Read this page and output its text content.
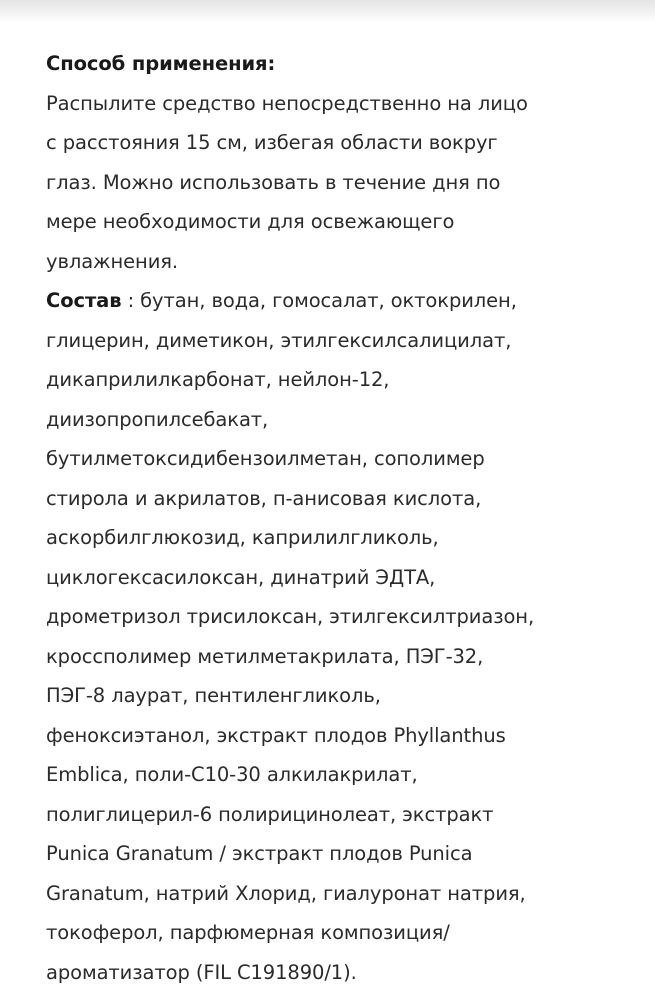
Способ применения:
Распылите средство непосредственно на лицо
с расстояния 15 см, избегая области вокруг
глаз. Можно использовать в течение дня по
мере необходимости для освежающего
увлажнения.
Состав : бутан, вода, гомосалат, октокрилен,
глицерин, диметикон, этилгексилсалицилат,
дикаприлилкарбонат, нейлон-12,
диизопропилсебакат,
бутилметоксидибензоилметан, сополимер
стирола и акрилатов, п-анисовая кислота,
аскорбилглюкозид, каприлилгликоль,
циклогексасилоксан, динатрий ЭДТА,
дрометризол трисилоксан, этилгексилтриазон,
кроссполимер метилметакрилата, ПЭГ-32,
ПЭГ-8 лаурат, пентиленгликоль,
феноксиэтанол, экстракт плодов Phyllanthus
Emblica, поли-С10-30 алкилакрилат,
полиглицерил-6 полирицинолеат, экстракт
Punica Granatum / экстракт плодов Punica
Granatum, натрий Хлорид, гиалуронат натрия,
токоферол, парфюмерная композиция/
ароматизатор (FIL C191890/1).
